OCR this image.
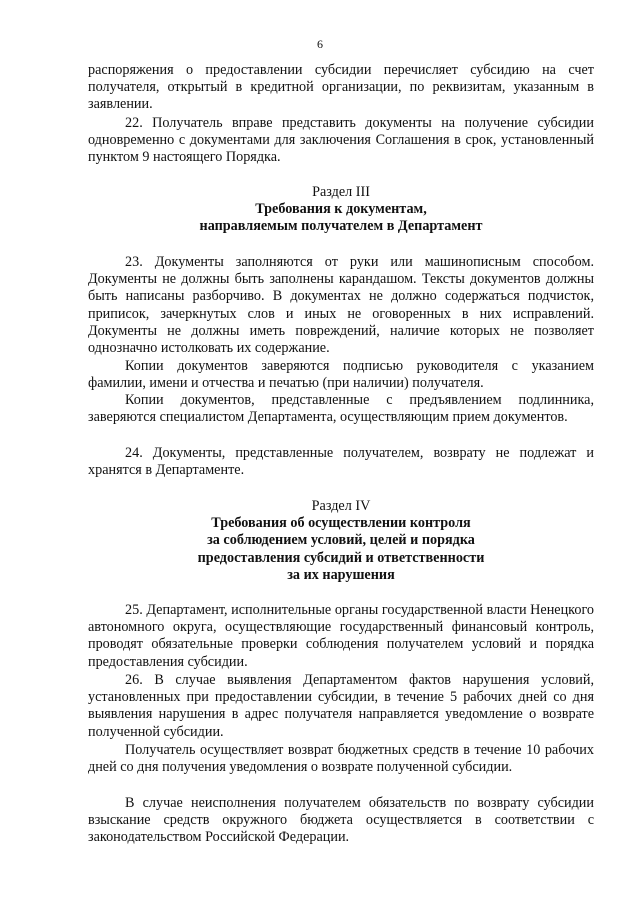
6

распоряжения о предоставлении субсидии перечисляет субсидию на счет получателя, открытый в кредитной организации, по реквизитам, указанным в заявлении.

22. Получатель вправе представить документы на получение субсидии одновременно с документами для заключения Соглашения в срок, установленный пунктом 9 настоящего Порядка.

Раздел III

Требования к документам,

направляемым получателем в Департамент

23. Документы заполняются от руки или машинописным способом. Документы не должны быть заполнены карандашом. Тексты документов должны быть написаны разборчиво. В документах не должно содержаться подчисток, приписок, зачеркнутых слов и иных не оговоренных в них исправлений. Документы не должны иметь повреждений, наличие которых не позволяет однозначно истолковать их содержание.

Копии документов заверяются подписью руководителя с указанием фамилии, имени и отчества и печатью (при наличии) получателя.

Копии документов, представленные с предъявлением подлинника, заверяются специалистом Департамента, осуществляющим прием документов.

24. Документы, представленные получателем, возврату не подлежат и хранятся в Департаменте.

Раздел IV

Требования об осуществлении контроля

за соблюдением условий, целей и порядка

предоставления субсидий и ответственности

за их нарушения

25. Департамент, исполнительные органы государственной власти Ненецкого автономного округа, осуществляющие государственный финансовый контроль, проводят обязательные проверки соблюдения получателем условий и порядка предоставления субсидии.

26. В случае выявления Департаментом фактов нарушения условий, установленных при предоставлении субсидии, в течение 5 рабочих дней со дня выявления нарушения в адрес получателя направляется уведомление о возврате полученной субсидии.

Получатель осуществляет возврат бюджетных средств в течение 10 рабочих дней со дня получения уведомления о возврате полученной субсидии.

В случае неисполнения получателем обязательств по возврату субсидии взыскание средств окружного бюджета осуществляется в соответствии с законодательством Российской Федерации.
